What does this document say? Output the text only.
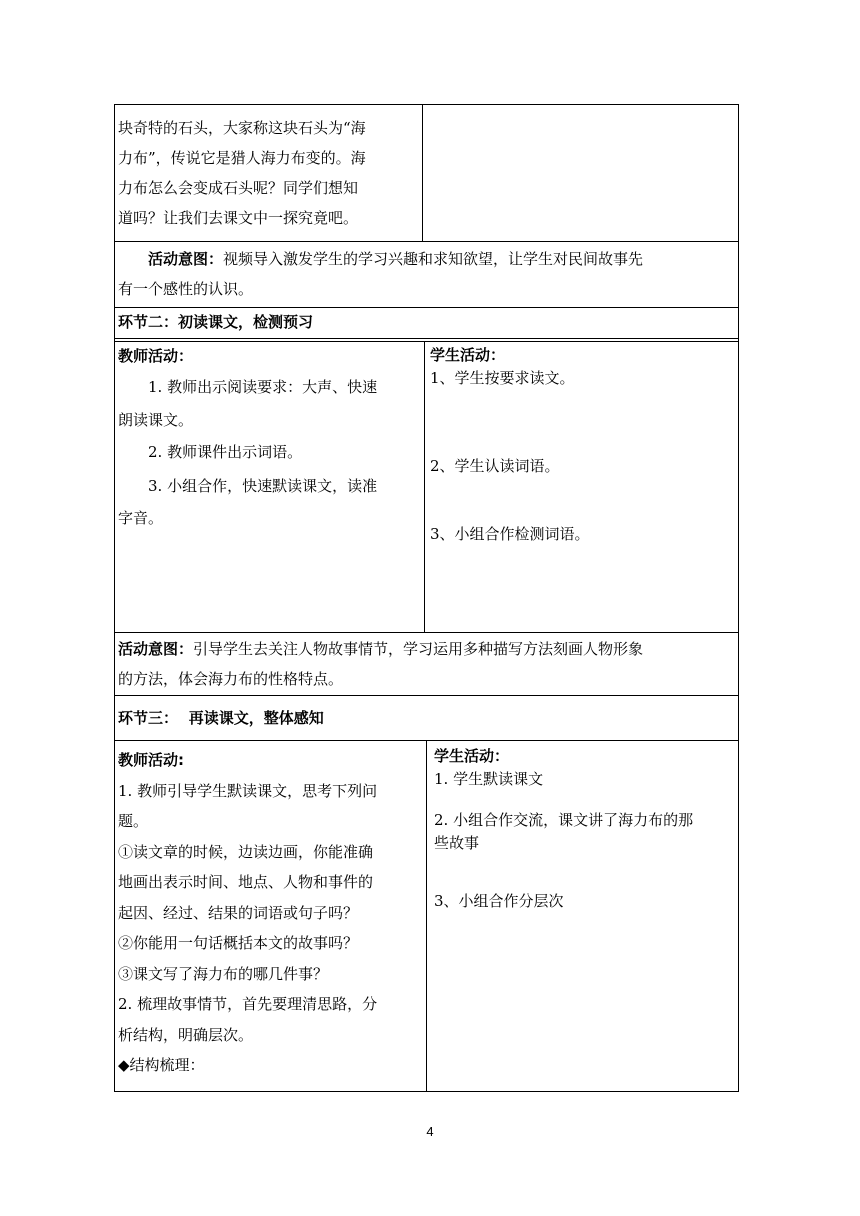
块奇特的石头，大家称这块石头为“海

力布”，传说它是猎人海力布变的。海

力布怎么会变成石头呢？同学们想知

道吗？让我们去课文中一探究竟吧。

活动意图：视频导入激发学生的学习兴趣和求知欲望，让学生对民间故事先

有一个感性的认识。

环节二：初读课文，检测预习

教师活动：

1. 教师出示阅读要求：大声、快速

朗读课文。

2. 教师课件出示词语。

3. 小组合作，快速默读课文，读准

字音。

学生活动：

1、学生按要求读文。

2、学生认读词语。

3、小组合作检测词语。

活动意图：引导学生去关注人物故事情节，学习运用多种描写方法刻画人物形象

的方法，体会海力布的性格特点。

环节三： 再读课文，整体感知

教师活动:

1. 教师引导学生默读课文，思考下列问

题。

①读文章的时候，边读边画，你能准确

地画出表示时间、地点、人物和事件的

起因、经过、结果的词语或句子吗？

②你能用一句话概括本文的故事吗？

③课文写了海力布的哪几件事？

2. 梳理故事情节，首先要理清思路，分

析结构，明确层次。

◆结构梳理：

学生活动：

1. 学生默读课文

2. 小组合作交流，课文讲了海力布的那

些故事

3、小组合作分层次

4
